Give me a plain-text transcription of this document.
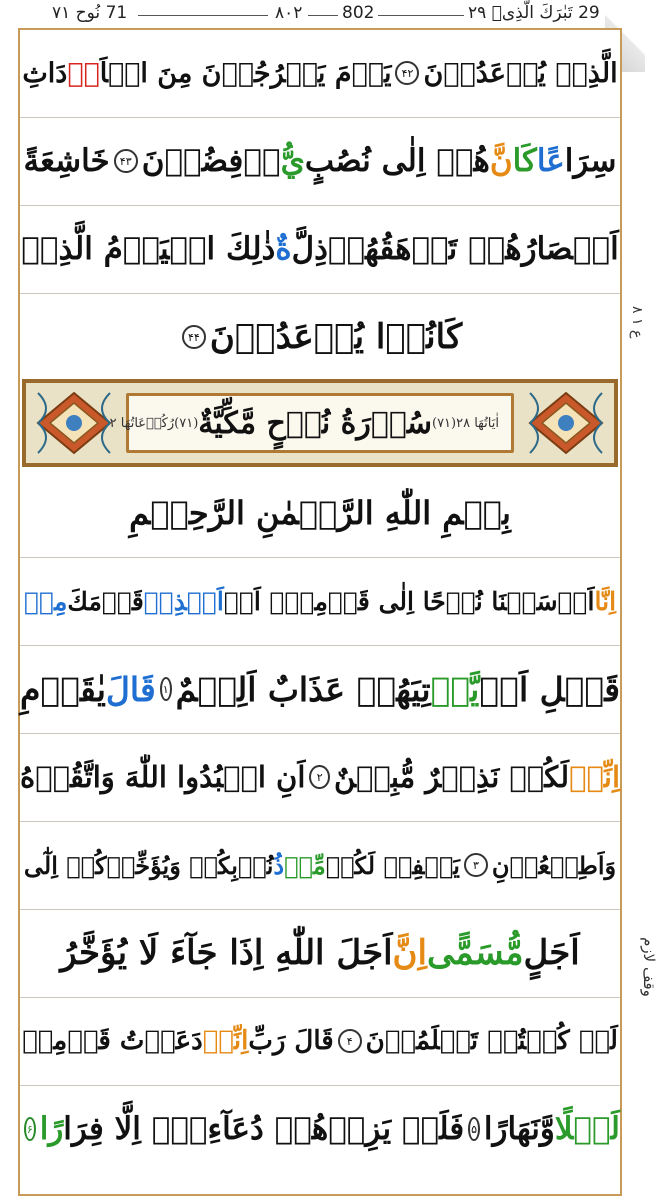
29 تَبٰرَكَ الَّذِىۡ ۲۹
۸۰۲ 802
71 نُوح ۷۱
الَّذِىۡ يُوۡعَدُوۡنَ
۴۲
يَوۡمَ يَخۡرُجُوۡنَ مِنَ الۡاَ
جۡ
دَاثِ
سِرَا
عًا
كَا
نَّ
هُمۡ اِلٰى نُصُبٍ
يُّ
وۡفِضُوۡنَ
۴۳
خَاشِعَةً
اَبۡصَارُهُمۡ تَرۡهَقُهُمۡ
ذِلَّ
ةٌ
ذٰلِكَ الۡيَوۡمُ الَّذِىۡ
كَانُوۡا يُوۡعَدُوۡنَ
۴۴
بِسۡمِ اللّٰهِ الرَّحۡمٰنِ الرَّحِيۡمِ
اِنَّا
اَرۡسَلۡنَا نُوۡحًا اِلٰى قَوۡمِهٖۤ اَنۡ
اَنۡذِرۡ
قَوۡمَكَ
مِنۡ
قَبۡلِ اَنۡ
يَّاۡ
تِيَهُمۡ عَذَابٌ اَلِيۡمٌ
۱
قَالَ
يٰقَوۡمِ
اِنِّىۡ
لَكُمۡ نَذِيۡرٌ مُّبِيۡنٌ
۲
اَنِ اعۡبُدُوا اللّٰهَ وَاتَّقُوۡهُ
وَاَطِيۡعُوۡنِ
۳
يَغۡفِرۡ لَكُمۡ
مِّنۡ
ذُ
نُوۡبِكُمۡ وَيُؤَخِّرۡكُمۡ اِلٰٓى
اَجَلٍ
مُّسَمًّى
اِنَّ
اَجَلَ اللّٰهِ اِذَا جَآءَ لَا يُؤَخَّرُ
لَوۡ كُنۡتُمۡ تَعۡلَمُوۡنَ
۴
قَالَ رَبِّ
اِنِّىۡ
دَعَوۡتُ قَوۡمِىۡ
لَيۡلًا
وَّنَهَارًا
۵
فَلَمۡ يَزِدۡهُمۡ دُعَآءِىۡۤ اِلَّا فِرَا
رًا
۶
اٰيَاتُهَا ۲۸
(۷۱)
سُوۡرَةُ نُوۡحٍ مَّكِّيَّةٌ
(۷۱)
رُكُوۡعَاتُهَا ۲
ع ۱ ۸
وقف لازم
